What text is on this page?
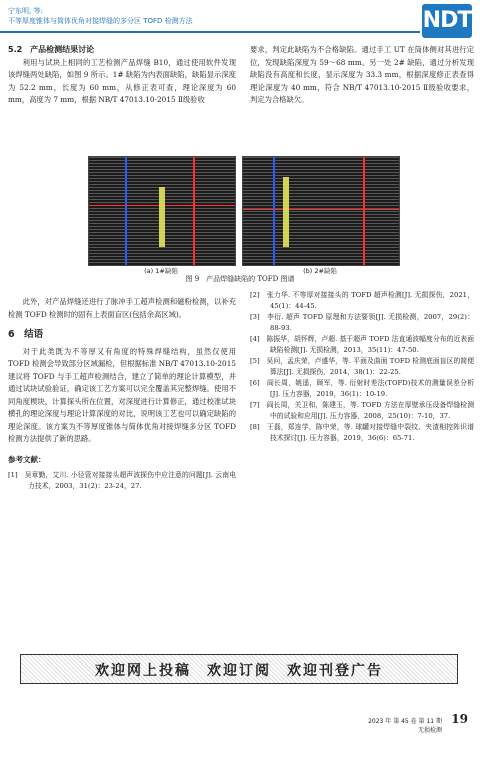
宁东明, 等:
不等厚度锥体与简体优角对接焊缝的多分区 TOFD 检测方法	NDT
5.2　产品检测结果讨论

利用与试块上相同的工艺检测产品焊缝 B10，通过使用软件发现该焊缝两处缺陷，如图 9 所示。1# 缺陷为内表面缺陷，缺陷显示深度为 52.2 mm，长度为 60 mm，从修正表可查，理论深度为 60 mm，高度为 7 mm，根据 NB/T 47013.10-2015 Ⅱ级验收

要求，判定此缺陷为不合格缺陷。通过手工 UT 在筒体侧对其进行定位，发现缺陷深度为 59～68 mm。另一处 2# 缺陷，通过分析发现缺陷没有高度和长度，显示深度为 33.3 mm，根据深度修正表查得理论深度为 40 mm，符合 NB/T 47013.10-2015 Ⅱ级验收要求，判定为合格缺欠。
(a) 1#缺陷	(b) 2#缺陷
图 9　产品焊缝缺陷的 TOFD 图谱

此外，对产品焊缝还进行了脉冲手工超声检测和磁粉检测，以补充检测 TOFD 检测时的固有上表面盲区(包括余高区域)。

6　结语

对于此类既为不等厚又有角度的特殊焊缝结构，虽然仅使用 TOFD 检测会导致部分区域漏检，但根据标准 NB/T 47013.10-2015 建议将 TOFD 与手工超声检测结合，建立了简单的理论计算模型，并通过试块试验验证，确定该工艺方案可以完全覆盖其完整焊缝。使用不同角度楔块，计算探头所在位置，对深度进行计算修正，通过校准试块横孔的理论深度与理论计算深度的对比，说明该工艺也可以确定缺陷的理论深度。该方案为不等厚度锥体与简体优角对接焊缝多分区 TOFD 检测方法提供了新的思路。

参考文献：
[1]　吴章勤，艾川. 小径管对接接头超声波探伤中应注意的问题[J]. 云南电力技术，2003，31(2)：23-24，27.
[2]　张力华. 不等厚对接接头的 TOFD 超声检测[J]. 无损探伤，2021，45(1)：44-45.
[3]　李衍. 超声 TOFD 原理和方法要领[J]. 无损检测，2007，29(2)：88-93.
[4]　陈振华，胡怀辉，卢超. 基于超声 TOFD 法直通波幅度分布的近表面缺陷检测[J]. 无损检测，2013，35(11)：47-50.
[5]　吴问，孟庆荣，卢盛华，等. 平面及曲面 TOFD 检测底面盲区的简便算法[J]. 无损探伤，2014，38(1)：22-25.
[6]　阎长周，姚遥，顾军，等. 衍射时差法(TOFD)技术的测量误差分析[J]. 压力容器，2019，36(1)：10-19.
[7]　阎长周，关卫和，陈建玉，等. TOFD 方法在厚壁承压设备焊缝检测中的试验和应用[J]. 压力容器，2008，25(10)：7-10，37.
[8]　王磊，郑连学，陈中荣，等. 球罐对接焊缝中裂纹、夹渣相控阵识谱技术探讨[J]. 压力容器，2019，36(6)：65-71.
欢迎网上投稿　欢迎订阅　欢迎刊登广告
2023 年 第 45 卷 第 11 期
无损检测
19
